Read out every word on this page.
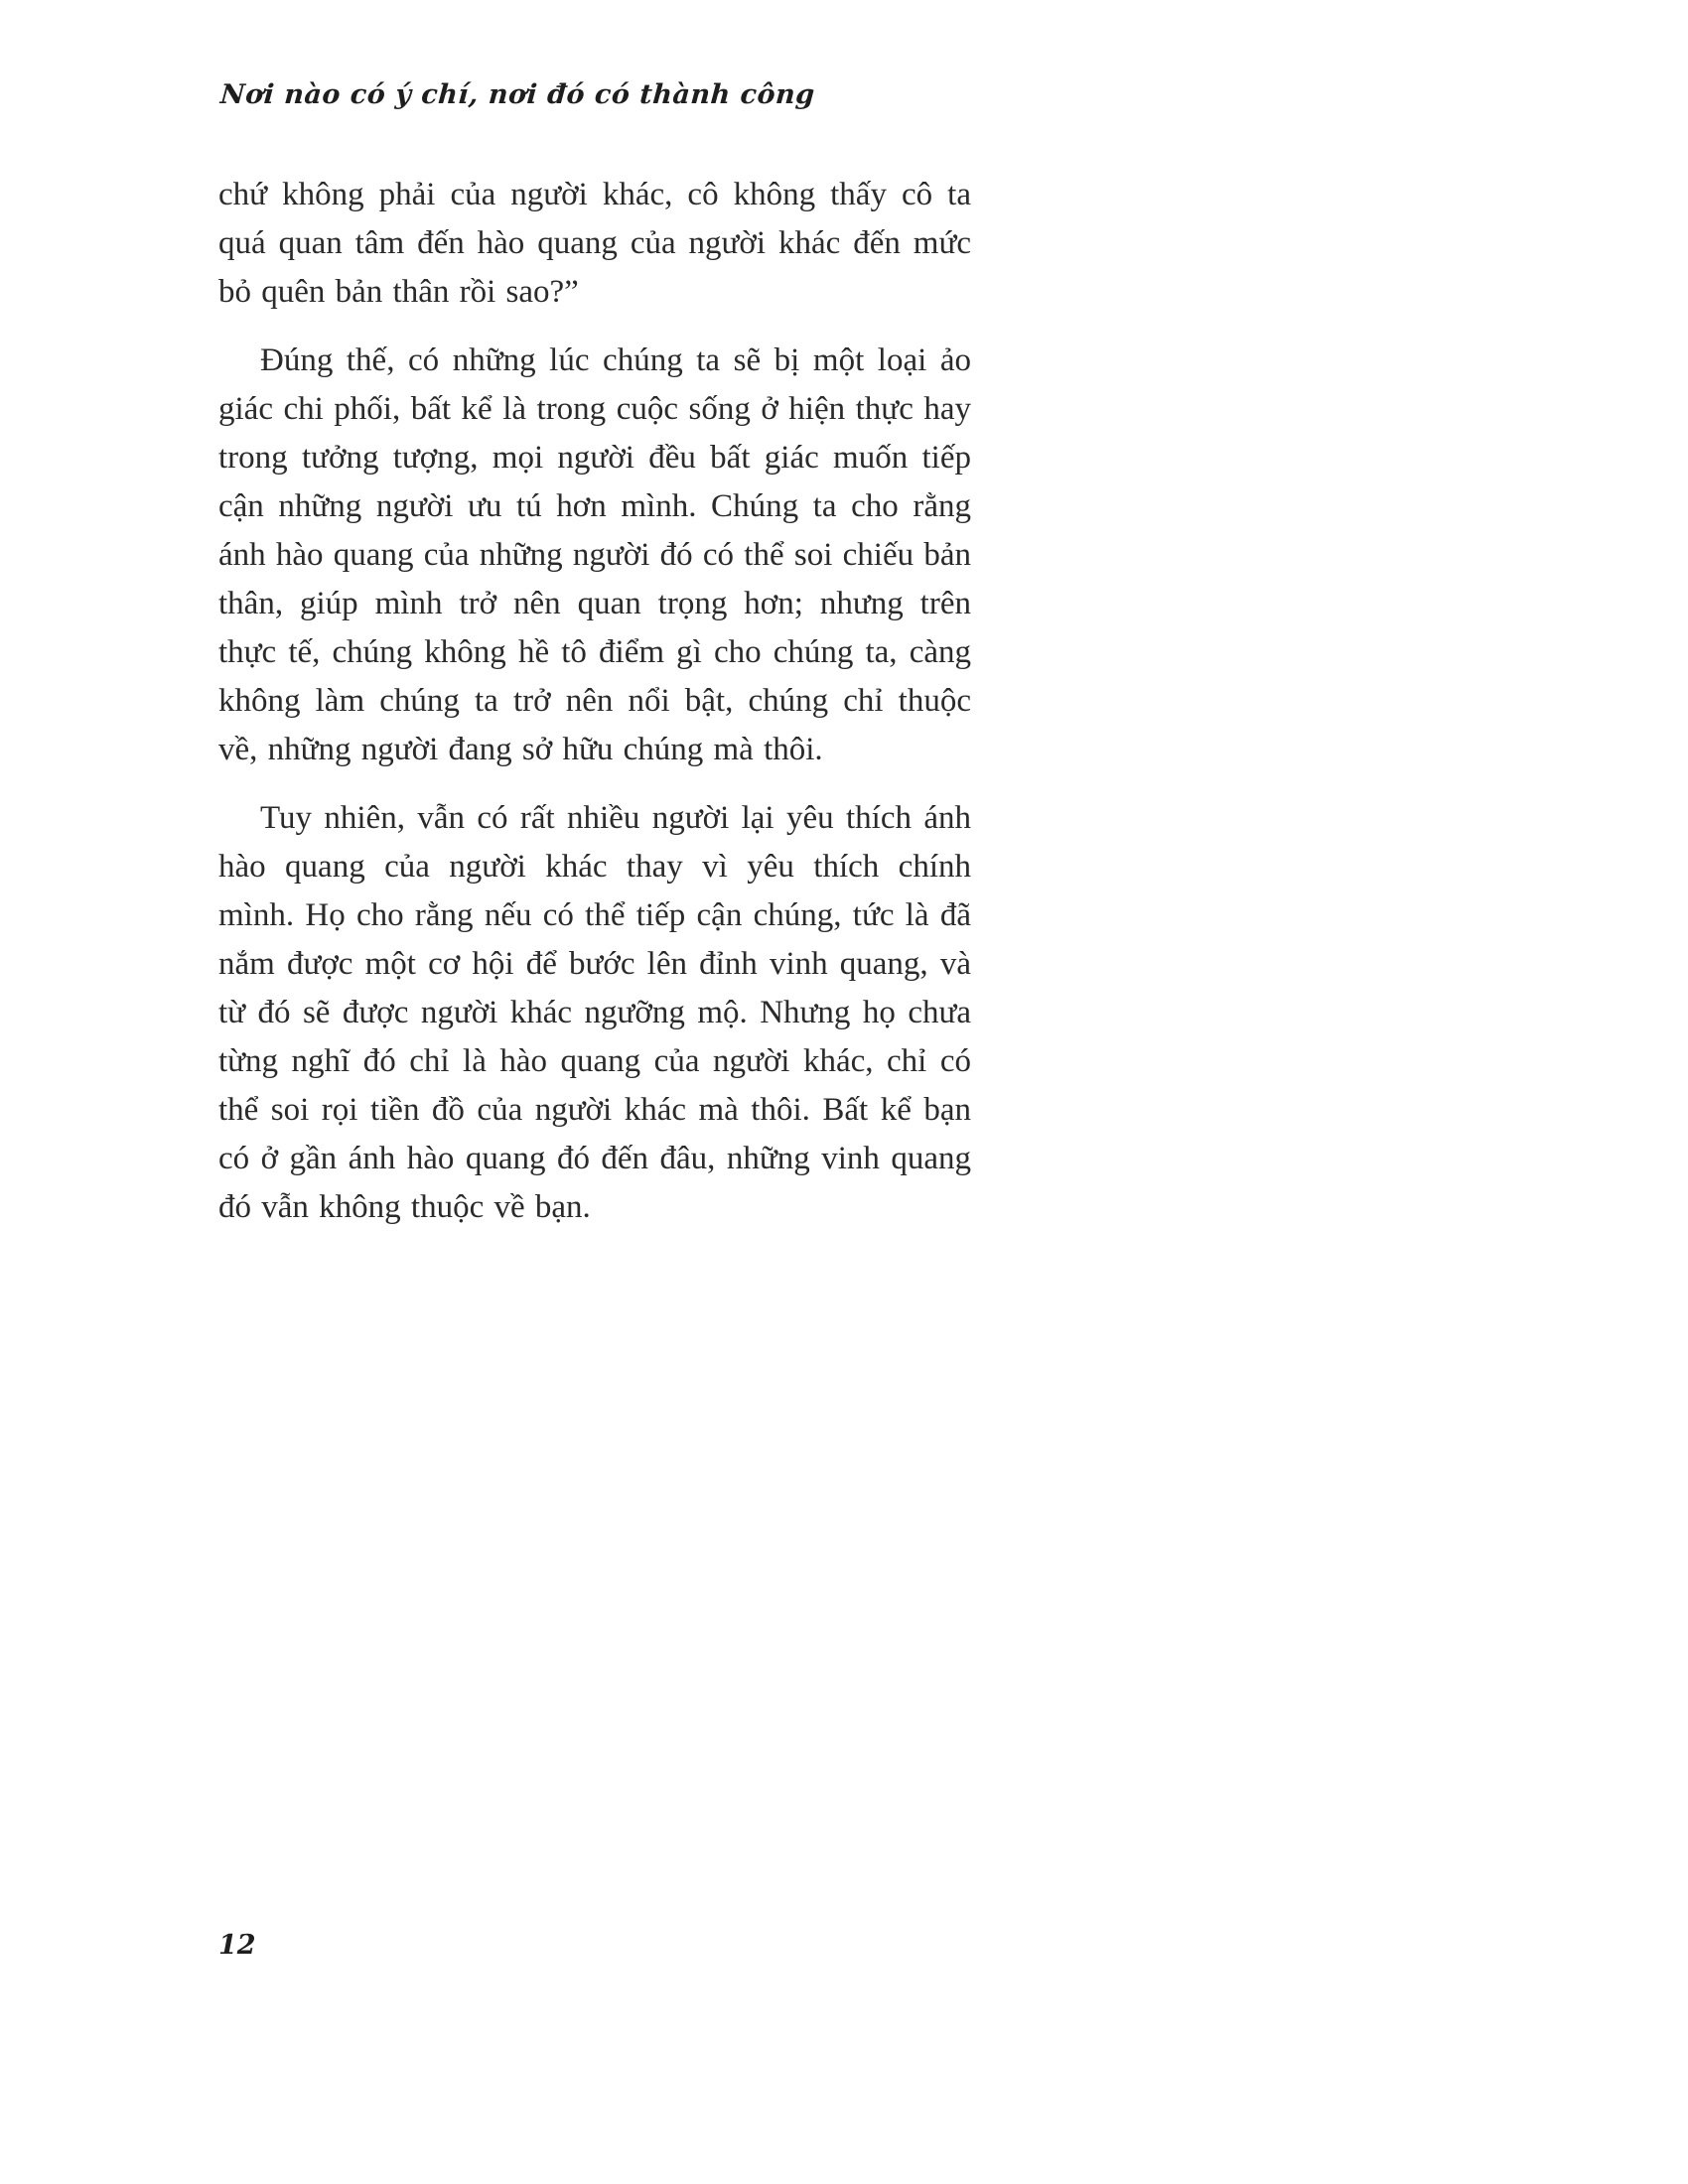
Nơi nào có ý chí, nơi đó có thành công

chứ không phải của người khác, cô không thấy cô ta quá quan tâm đến hào quang của người khác đến mức bỏ quên bản thân rồi sao?”

Đúng thế, có những lúc chúng ta sẽ bị một loại ảo giác chi phối, bất kể là trong cuộc sống ở hiện thực hay trong tưởng tượng, mọi người đều bất giác muốn tiếp cận những người ưu tú hơn mình. Chúng ta cho rằng ánh hào quang của những người đó có thể soi chiếu bản thân, giúp mình trở nên quan trọng hơn; nhưng trên thực tế, chúng không hề tô điểm gì cho chúng ta, càng không làm chúng ta trở nên nổi bật, chúng chỉ thuộc về, những người đang sở hữu chúng mà thôi.

Tuy nhiên, vẫn có rất nhiều người lại yêu thích ánh hào quang của người khác thay vì yêu thích chính mình. Họ cho rằng nếu có thể tiếp cận chúng, tức là đã nắm được một cơ hội để bước lên đỉnh vinh quang, và từ đó sẽ được người khác ngưỡng mộ. Nhưng họ chưa từng nghĩ đó chỉ là hào quang của người khác, chỉ có thể soi rọi tiền đồ của người khác mà thôi. Bất kể bạn có ở gần ánh hào quang đó đến đâu, những vinh quang đó vẫn không thuộc về bạn.

12
